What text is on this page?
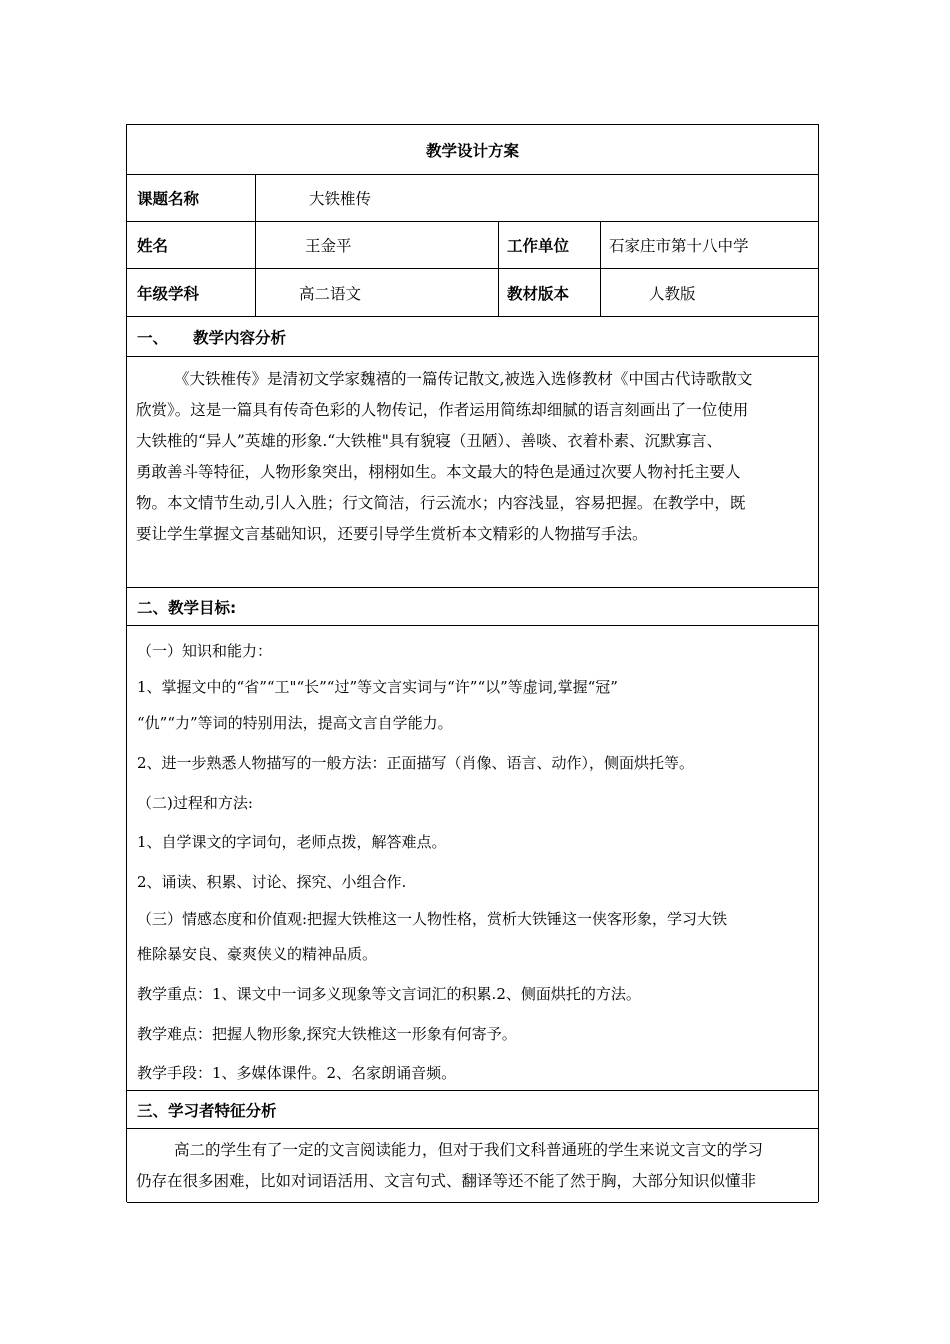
教学设计方案
课题名称	大铁椎传
姓名	王金平	工作单位	石家庄市第十八中学
年级学科	高二语文	教材版本	人教版
一、	教学内容分析
《大铁椎传》是清初文学家魏禧的一篇传记散文,被选入选修教材《中国古代诗歌散文
欣赏》。这是一篇具有传奇色彩的人物传记，作者运用简练却细腻的语言刻画出了一位使用
大铁椎的“异人”英雄的形象.“大铁椎"具有貌寝（丑陋）、善啖、衣着朴素、沉默寡言、
勇敢善斗等特征，人物形象突出，栩栩如生。本文最大的特色是通过次要人物衬托主要人
物。本文情节生动,引人入胜；行文简洁，行云流水；内容浅显，容易把握。在教学中，既
要让学生掌握文言基础知识，还要引导学生赏析本文精彩的人物描写手法。
二、教学目标:
（一）知识和能力：
1、掌握文中的“省”“工"“长”“过”等文言实词与“许”“以”等虚词,掌握“冠”
“仇”“力”等词的特别用法，提高文言自学能力。
2、进一步熟悉人物描写的一般方法：正面描写（肖像、语言、动作），侧面烘托等。
（二)过程和方法:
1、自学课文的字词句，老师点拨，解答难点。
2、诵读、积累、讨论、探究、小组合作.
（三）情感态度和价值观:把握大铁椎这一人物性格，赏析大铁锤这一侠客形象，学习大铁
椎除暴安良、豪爽侠义的精神品质。
教学重点：1、课文中一词多义现象等文言词汇的积累.2、侧面烘托的方法。
教学难点：把握人物形象,探究大铁椎这一形象有何寄予。
教学手段：1、多媒体课件。2、名家朗诵音频。
三、学习者特征分析
高二的学生有了一定的文言阅读能力，但对于我们文科普通班的学生来说文言文的学习
仍存在很多困难，比如对词语活用、文言句式、翻译等还不能了然于胸，大部分知识似懂非
